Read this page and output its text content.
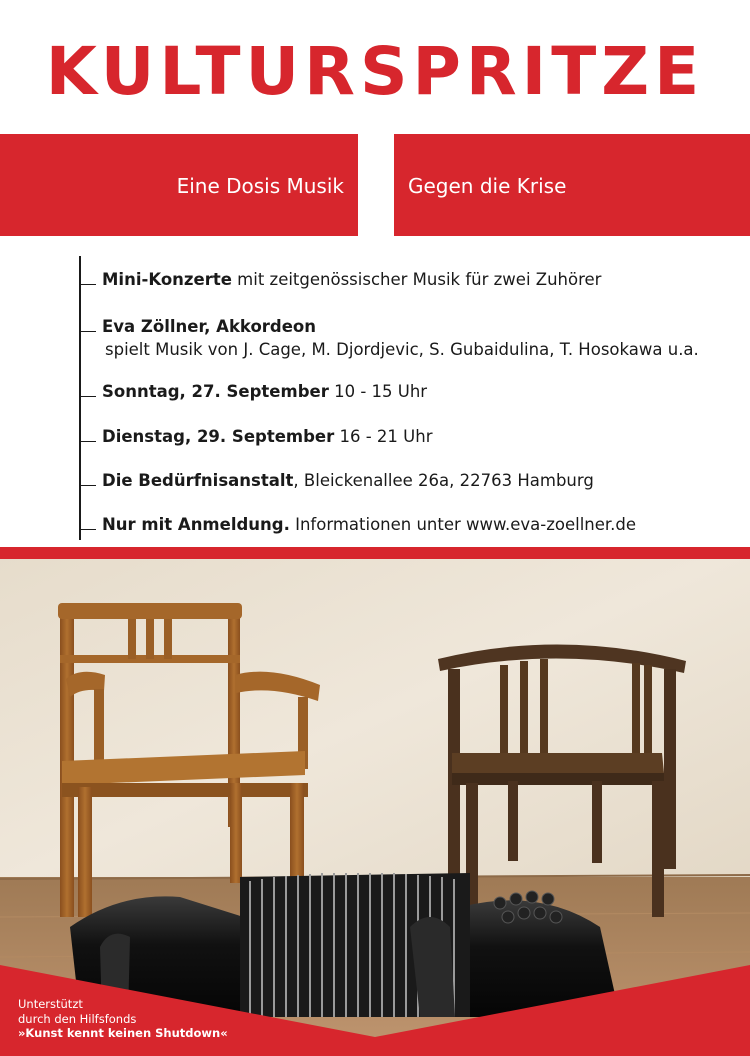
KULTURSPRITZE
Eine Dosis Musik	Gegen die Krise
Mini-Konzerte mit zeitgenössischer Musik für zwei Zuhörer
Eva Zöllner, Akkordeon
spielt Musik von J. Cage, M. Djordjevic, S. Gubaidulina, T. Hosokawa u.a.
Sonntag, 27. September 10 - 15 Uhr
Dienstag, 29. September 16 - 21 Uhr
Die Bedürfnisanstalt, Bleickenallee 26a, 22763 Hamburg
Nur mit Anmeldung. Informationen unter www.eva-zoellner.de
Unterstützt
durch den Hilfsfonds
»Kunst kennt keinen Shutdown«
